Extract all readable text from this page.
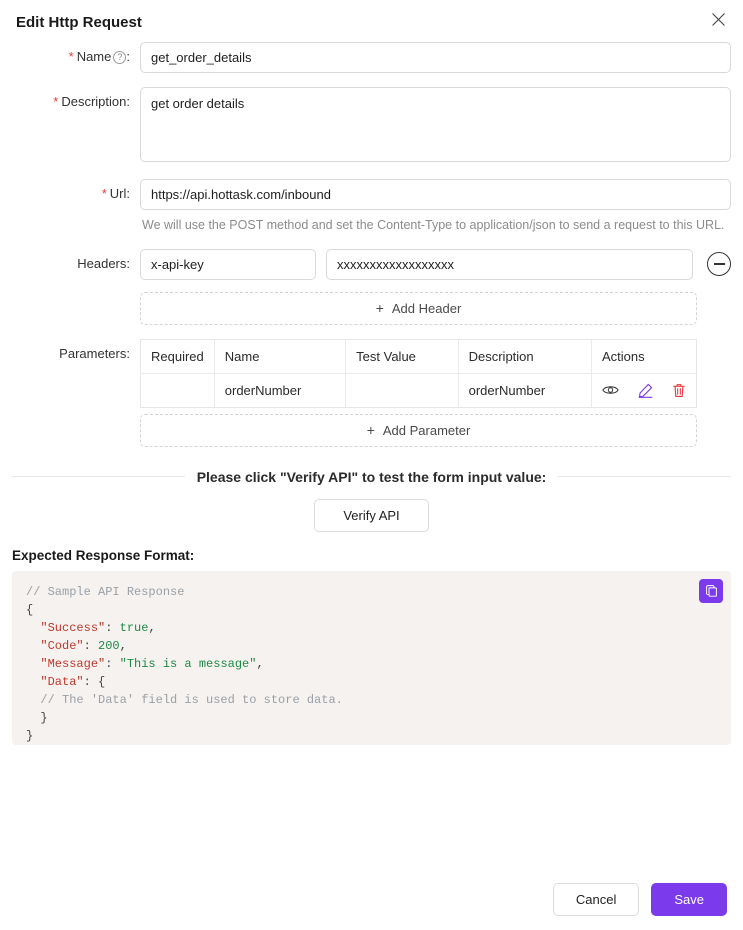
Edit Http Request
* Name ? :
get_order_details
* Description:
get order details
* Url:
https://api.hottask.com/inbound
We will use the POST method and set the Content-Type to application/json to send a request to this URL.
Headers:
x-api-key
xxxxxxxxxxxxxxxxxx
+ Add Header
Parameters:	Required	Name	Test Value	Description	Actions
	orderNumber		orderNumber	
+ Add Parameter
Please click "Verify API" to test the form input value:
Verify API
Expected Response Format:
// Sample API Response
{
"Success": true,
"Code": 200,
"Message": "This is a message",
"Data": {
// The 'Data' field is used to store data.
}
}
Cancel	Save
